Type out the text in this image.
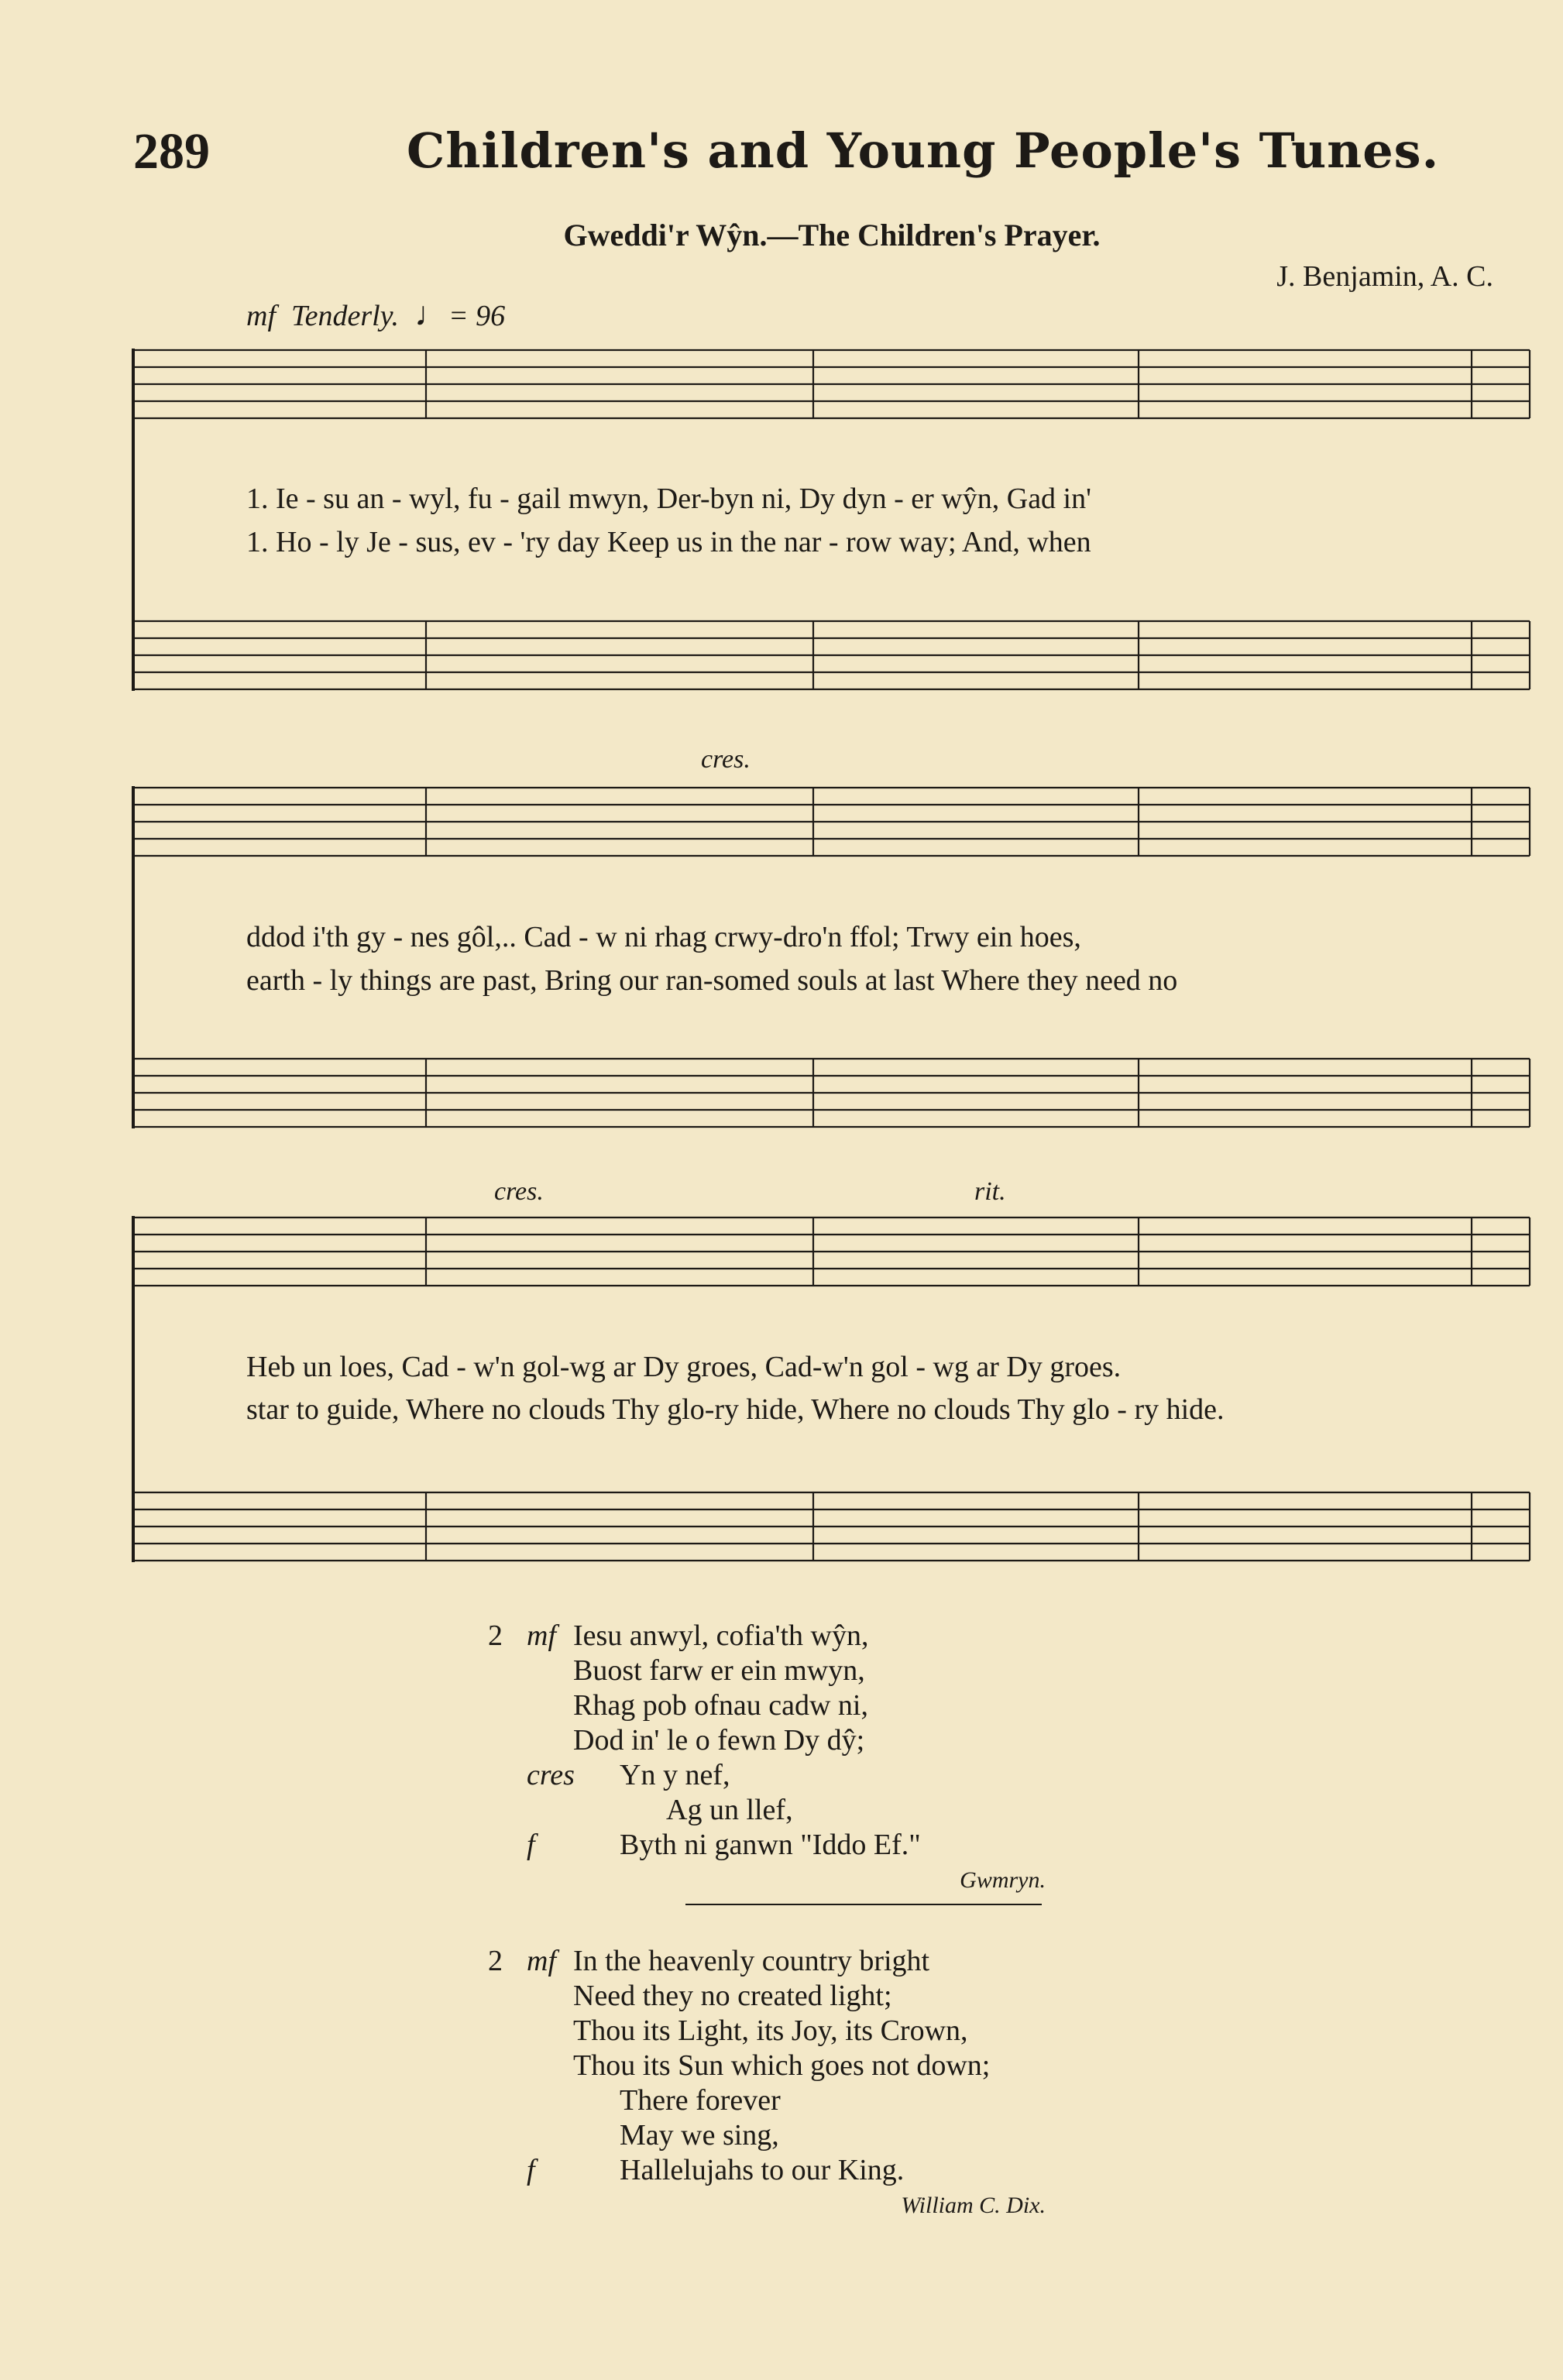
289	Children's and Young People's Tunes.
Gweddi'r Wŷn.—The Children's Prayer.
J. Benjamin, A. C.
mf Tenderly. ♩= 96
1. Ie - su an - wyl, fu - gail mwyn, Der-byn ni, Dy dyn - er wŷn, Gad in'
1. Ho - ly Je - sus, ev - 'ry day Keep us in the nar - row way; And, when
cres.
ddod i'th gy - nes gôl,.. Cad - w ni rhag crwy-dro'n ffol; Trwy ein hoes,
earth - ly things are past, Bring our ran-somed souls at last Where they need no
cres.	rit.
Heb un loes, Cad - w'n gol-wg ar Dy groes, Cad-w'n gol - wg ar Dy groes.
star to guide, Where no clouds Thy glo-ry hide, Where no clouds Thy glo - ry hide.
2 mf Iesu anwyl, cofia'th wŷn,
Buost farw er ein mwyn,
Rhag pob ofnau cadw ni,
Dod in' le o fewn Dy dŷ;
cres Yn y nef,
Ag un llef,
f	Byth ni ganwn "Iddo Ef."
Gwmryn.
2 mf In the heavenly country bright
Need they no created light;
Thou its Light, its Joy, its Crown,
Thou its Sun which goes not down;
There forever
May we sing,
f	Hallelujahs to our King.
William C. Dix.
